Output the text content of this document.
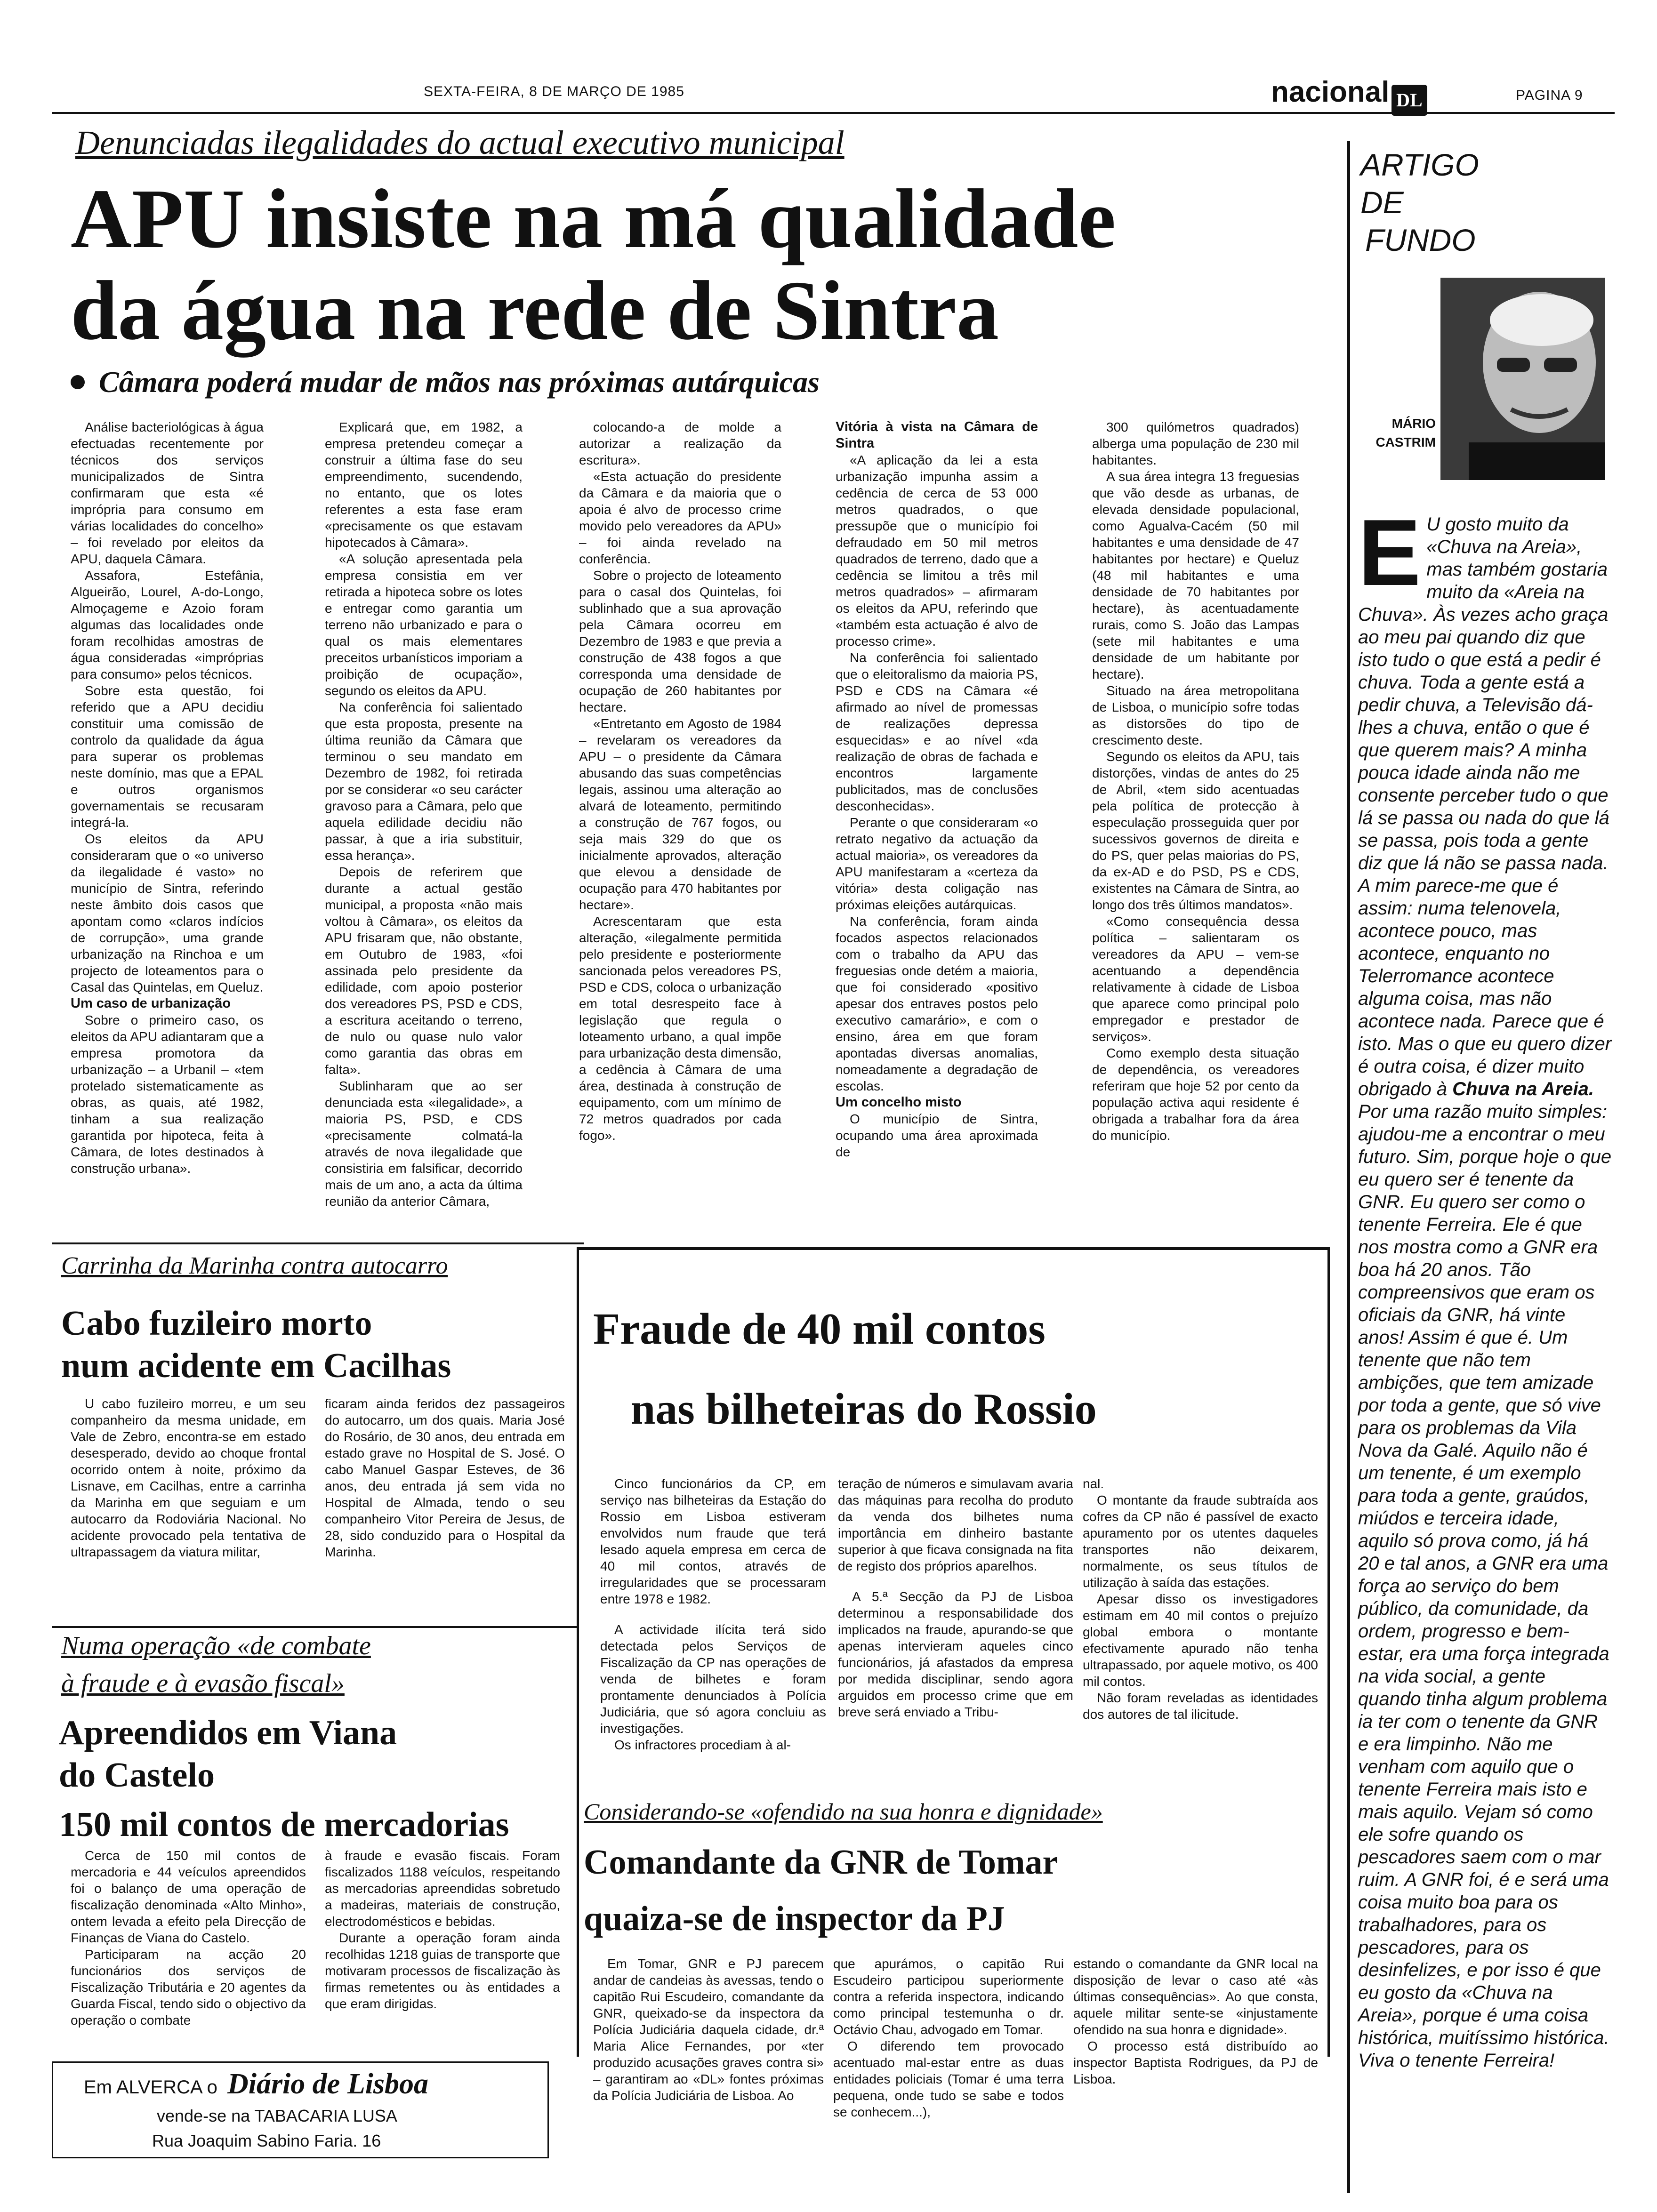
SEXTA-FEIRA, 8 DE MARÇO DE 1985	nacional DL	PAGINA 9
Denunciadas ilegalidades do actual executivo municipal
APU insiste na má qualidade
da água na rede de Sintra
Câmara poderá mudar de mãos nas próximas autárquicas

Análise bacteriológicas à água efectuadas recentemente por técnicos dos serviços municipalizados de Sintra confirmaram que esta «é imprópria para consumo em várias localidades do concelho» – foi revelado por eleitos da APU, daquela Câmara.

Assafora, Estefânia, Algueirão, Lourel, A-do-Longo, Almoçageme e Azoio foram algumas das localidades onde foram recolhidas amostras de água consideradas «impróprias para consumo» pelos técnicos.

Sobre esta questão, foi referido que a APU decidiu constituir uma comissão de controlo da qualidade da água para superar os problemas neste domínio, mas que a EPAL e outros organismos governamentais se recusaram integrá-la.

Os eleitos da APU consideraram que o «o universo da ilegalidade é vasto» no município de Sintra, referindo neste âmbito dois casos que apontam como «claros indícios de corrupção», uma grande urbanização na Rinchoa e um projecto de loteamentos para o Casal das Quintelas, em Queluz.

Um caso de urbanização

Sobre o primeiro caso, os eleitos da APU adiantaram que a empresa promotora da urbanização – a Urbanil – «tem protelado sistematicamente as obras, as quais, até 1982, tinham a sua realização garantida por hipoteca, feita à Câmara, de lotes destinados à construção urbana».

Explicará que, em 1982, a empresa pretendeu começar a construir a última fase do seu empreendimento, sucendendo, no entanto, que os lotes referentes a esta fase eram «precisamente os que estavam hipotecados à Câmara».

«A solução apresentada pela empresa consistia em ver retirada a hipoteca sobre os lotes e entregar como garantia um terreno não urbanizado e para o qual os mais elementares preceitos urbanísticos imporiam a proibição de ocupação», segundo os eleitos da APU.

Na conferência foi salientado que esta proposta, presente na última reunião da Câmara que terminou o seu mandato em Dezembro de 1982, foi retirada por se considerar «o seu carácter gravoso para a Câmara, pelo que aquela edilidade decidiu não passar, à que a iria substituir, essa herança».

Depois de referirem que durante a actual gestão municipal, a proposta «não mais voltou à Câmara», os eleitos da APU frisaram que, não obstante, em Outubro de 1983, «foi assinada pelo presidente da edilidade, com apoio posterior dos vereadores PS, PSD e CDS, a escritura aceitando o terreno, de nulo ou quase nulo valor como garantia das obras em falta».

Sublinharam que ao ser denunciada esta «ilegalidade», a maioria PS, PSD, e CDS «precisamente colmatá-la através de nova ilegalidade que consistiria em falsificar, decorrido mais de um ano, a acta da última reunião da anterior Câmara,

colocando-a de molde a autorizar a realização da escritura».

«Esta actuação do presidente da Câmara e da maioria que o apoia é alvo de processo crime movido pelo vereadores da APU» – foi ainda revelado na conferência.

Sobre o projecto de loteamento para o casal dos Quintelas, foi sublinhado que a sua aprovação pela Câmara ocorreu em Dezembro de 1983 e que previa a construção de 438 fogos a que corresponda uma densidade de ocupação de 260 habitantes por hectare.

«Entretanto em Agosto de 1984 – revelaram os vereadores da APU – o presidente da Câmara abusando das suas competências legais, assinou uma alteração ao alvará de loteamento, permitindo a construção de 767 fogos, ou seja mais 329 do que os inicialmente aprovados, alteração que elevou a densidade de ocupação para 470 habitantes por hectare».

Acrescentaram que esta alteração, «ilegalmente permitida pelo presidente e posteriormente sancionada pelos vereadores PS, PSD e CDS, coloca o urbanização em total desrespeito face à legislação que regula o loteamento urbano, a qual impõe para urbanização desta dimensão, a cedência à Câmara de uma área, destinada à construção de equipamento, com um mínimo de 72 metros quadrados por cada fogo».

Vitória à vista na Câmara de Sintra

«A aplicação da lei a esta urbanização impunha assim a cedência de cerca de 53 000 metros quadrados, o que pressupõe que o município foi defraudado em 50 mil metros quadrados de terreno, dado que a cedência se limitou a três mil metros quadrados» – afirmaram os eleitos da APU, referindo que «também esta actuação é alvo de processo crime».

Na conferência foi salientado que o eleitoralismo da maioria PS, PSD e CDS na Câmara «é afirmado ao nível de promessas de realizações depressa esquecidas» e ao nível «da realização de obras de fachada e encontros largamente publicitados, mas de conclusões desconhecidas».

Perante o que consideraram «o retrato negativo da actuação da actual maioria», os vereadores da APU manifestaram a «certeza da vitória» desta coligação nas próximas eleições autárquicas.

Na conferência, foram ainda focados aspectos relacionados com o trabalho da APU das freguesias onde detém a maioria, que foi considerado «positivo apesar dos entraves postos pelo executivo camarário», e com o ensino, área em que foram apontadas diversas anomalias, nomeadamente a degradação de escolas.

Um concelho misto

O município de Sintra, ocupando uma área aproximada de

300 quilómetros quadrados) alberga uma população de 230 mil habitantes.

A sua área integra 13 freguesias que vão desde as urbanas, de elevada densidade populacional, como Agualva-Cacém (50 mil habitantes e uma densidade de 47 habitantes por hectare) e Queluz (48 mil habitantes e uma densidade de 70 habitantes por hectare), às acentuadamente rurais, como S. João das Lampas (sete mil habitantes e uma densidade de um habitante por hectare).

Situado na área metropolitana de Lisboa, o município sofre todas as distorsões do tipo de crescimento deste.

Segundo os eleitos da APU, tais distorções, vindas de antes do 25 de Abril, «tem sido acentuadas pela política de protecção à especulação prosseguida quer por sucessivos governos de direita e do PS, quer pelas maiorias do PS, da ex-AD e do PSD, PS e CDS, existentes na Câmara de Sintra, ao longo dos três últimos mandatos».

«Como consequência dessa política – salientaram os vereadores da APU – vem-se acentuando a dependência relativamente à cidade de Lisboa que aparece como principal polo empregador e prestador de serviços».

Como exemplo desta situação de dependência, os vereadores referiram que hoje 52 por cento da população activa aqui residente é obrigada a trabalhar fora da área do município.

ARTIGO
DE
FUNDO
MÁRIO
CASTRIM
E U gosto muito da «Chuva na Areia», mas também gostaria muito da «Areia na Chuva». Às vezes acho graça ao meu pai quando diz que isto tudo o que está a pedir é chuva. Toda a gente está a pedir chuva, a Televisão dá-lhes a chuva, então o que é que querem mais? A minha pouca idade ainda não me consente perceber tudo o que lá se passa ou nada do que lá se passa, pois toda a gente diz que lá não se passa nada. A mim parece-me que é assim: numa telenovela, acontece pouco, mas acontece, enquanto no Telerromance acontece alguma coisa, mas não acontece nada. Parece que é isto. Mas o que eu quero dizer é outra coisa, é dizer muito obrigado à Chuva na Areia. Por uma razão muito simples: ajudou-me a encontrar o meu futuro. Sim, porque hoje o que eu quero ser é tenente da GNR. Eu quero ser como o tenente Ferreira. Ele é que nos mostra como a GNR era boa há 20 anos. Tão compreensivos que eram os oficiais da GNR, há vinte anos! Assim é que é. Um tenente que não tem ambições, que tem amizade por toda a gente, que só vive para os problemas da Vila Nova da Galé. Aquilo não é um tenente, é um exemplo para toda a gente, graúdos, miúdos e terceira idade, aquilo só prova como, já há 20 e tal anos, a GNR era uma força ao serviço do bem público, da comunidade, da ordem, progresso e bem-estar, era uma força integrada na vida social, a gente quando tinha algum problema ia ter com o tenente da GNR e era limpinho. Não me venham com aquilo que o tenente Ferreira mais isto e mais aquilo. Vejam só como ele sofre quando os pescadores saem com o mar ruim. A GNR foi, é e será uma coisa muito boa para os trabalhadores, para os pescadores, para os desinfelizes, e por isso é que eu gosto da «Chuva na Areia», porque é uma coisa histórica, muitíssimo histórica. Viva o tenente Ferreira!
Carrinha da Marinha contra autocarro
Cabo fuzileiro morto
num acidente em Cacilhas

U cabo fuzileiro morreu, e um seu companheiro da mesma unidade, em Vale de Zebro, encontra-se em estado desesperado, devido ao choque frontal ocorrido ontem à noite, próximo da Lisnave, em Cacilhas, entre a carrinha da Marinha em que seguiam e um autocarro da Rodoviária Nacional. No acidente provocado pela tentativa de ultrapassagem da viatura militar,

ficaram ainda feridos dez passageiros do autocarro, um dos quais. Maria José do Rosário, de 30 anos, deu entrada em estado grave no Hospital de S. José. O cabo Manuel Gaspar Esteves, de 36 anos, deu entrada já sem vida no Hospital de Almada, tendo o seu companheiro Vitor Pereira de Jesus, de 28, sido conduzido para o Hospital da Marinha.

Fraude de 40 mil contos
nas bilheteiras do Rossio

Cinco funcionários da CP, em serviço nas bilheteiras da Estação do Rossio em Lisboa estiveram envolvidos num fraude que terá lesado aquela empresa em cerca de 40 mil contos, através de irregularidades que se processaram entre 1978 e 1982.

A actividade ilícita terá sido detectada pelos Serviços de Fiscalização da CP nas operações de venda de bilhetes e foram prontamente denunciados à Polícia Judiciária, que só agora concluiu as investigações.

Os infractores procediam à al-

teração de números e simulavam avaria das máquinas para recolha do produto da venda dos bilhetes numa importância em dinheiro bastante superior à que ficava consignada na fita de registo dos próprios aparelhos.

A 5.ª Secção da PJ de Lisboa determinou a responsabilidade dos implicados na fraude, apurando-se que apenas intervieram aqueles cinco funcionários, já afastados da empresa por medida disciplinar, sendo agora arguidos em processo crime que em breve será enviado a Tribu-

nal.

O montante da fraude subtraída aos cofres da CP não é passível de exacto apuramento por os utentes daqueles transportes não deixarem, normalmente, os seus títulos de utilização à saída das estações.

Apesar disso os investigadores estimam em 40 mil contos o prejuízo global embora o montante efectivamente apurado não tenha ultrapassado, por aquele motivo, os 400 mil contos.

Não foram reveladas as identidades dos autores de tal ilicitude.

Numa operação «de combate
à fraude e à evasão fiscal»
Apreendidos em Viana
do Castelo
150 mil contos de mercadorias

Cerca de 150 mil contos de mercadoria e 44 veículos apreendidos foi o balanço de uma operação de fiscalização denominada «Alto Minho», ontem levada a efeito pela Direcção de Finanças de Viana do Castelo.

Participaram na acção 20 funcionários dos serviços de Fiscalização Tributária e 20 agentes da Guarda Fiscal, tendo sido o objectivo da operação o combate

à fraude e evasão fiscais. Foram fiscalizados 1188 veículos, respeitando as mercadorias apreendidas sobretudo a madeiras, materiais de construção, electrodomésticos e bebidas.

Durante a operação foram ainda recolhidas 1218 guias de transporte que motivaram processos de fiscalização às firmas remetentes ou às entidades a que eram dirigidas.

Em ALVERCA o Diário de Lisboa
vende-se na TABACARIA LUSA
Rua Joaquim Sabino Faria. 16
Considerando-se «ofendido na sua honra e dignidade»
Comandante da GNR de Tomar
quaiza-se de inspector da PJ

Em Tomar, GNR e PJ parecem andar de candeias às avessas, tendo o capitão Rui Escudeiro, comandante da GNR, queixado-se da inspectora da Polícia Judiciária daquela cidade, dr.ª Maria Alice Fernandes, por «ter produzido acusações graves contra si» – garantiram ao «DL» fontes próximas da Polícia Judiciária de Lisboa. Ao

que apurámos, o capitão Rui Escudeiro participou superiormente contra a referida inspectora, indicando como principal testemunha o dr. Octávio Chau, advogado em Tomar.

O diferendo tem provocado acentuado mal-estar entre as duas entidades policiais (Tomar é uma terra pequena, onde tudo se sabe e todos se conhecem...),

estando o comandante da GNR local na disposição de levar o caso até «às últimas consequências». Ao que consta, aquele militar sente-se «injustamente ofendido na sua honra e dignidade».

O processo está distribuído ao inspector Baptista Rodrigues, da PJ de Lisboa.
